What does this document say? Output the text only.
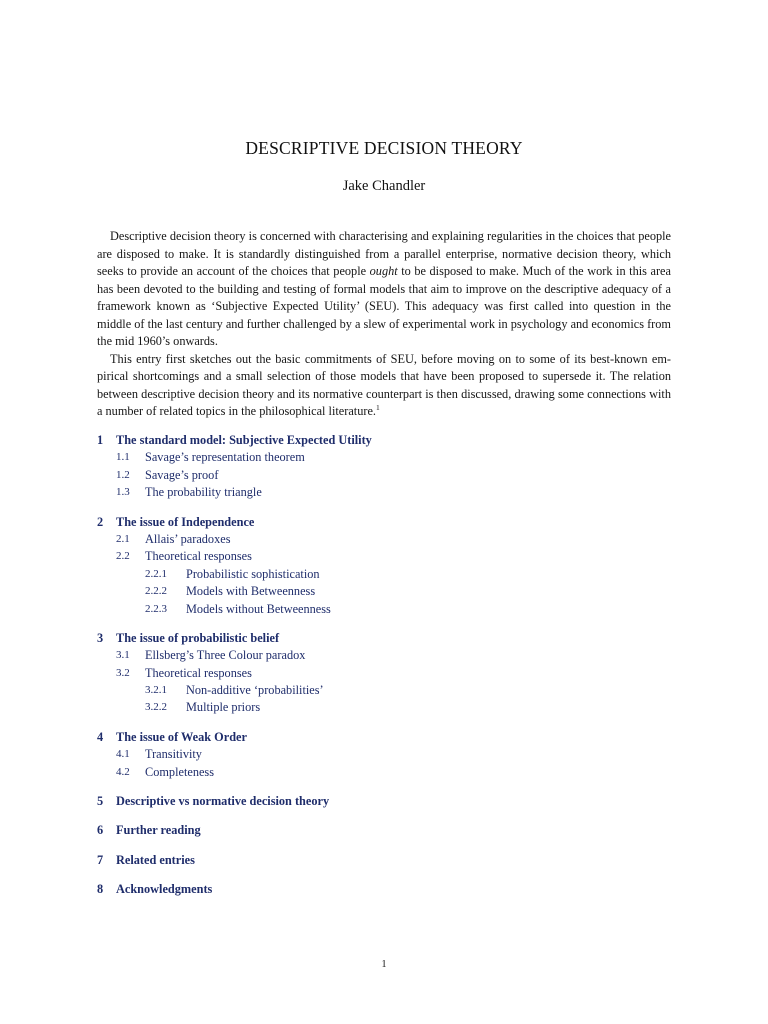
DESCRIPTIVE DECISION THEORY
Jake Chandler

Descriptive decision theory is concerned with characterising and explaining regularities in the choices that people are disposed to make. It is standardly distinguished from a parallel enterprise, normative decision theory, which seeks to provide an account of the choices that people ought to be disposed to make. Much of the work in this area has been devoted to the building and testing of formal models that aim to improve on the descriptive adequacy of a framework known as ‘Subjective Expected Utility’ (SEU). This adequacy was first called into question in the middle of the last century and further challenged by a slew of experimental work in psychology and economics from the mid 1960’s onwards.

This entry first sketches out the basic commitments of SEU, before moving on to some of its best-known empirical shortcomings and a small selection of those models that have been proposed to supersede it. The relation between descriptive decision theory and its normative counterpart is then discussed, drawing some connections with a number of related topics in the philosophical literature.$^1$

1 The standard model: Subjective Expected Utility
1.1 Savage’s representation theorem
1.2 Savage’s proof
1.3 The probability triangle
2 The issue of Independence
2.1 Allais’ paradoxes
2.2 Theoretical responses
2.2.1 Probabilistic sophistication
2.2.2 Models with Betweenness
2.2.3 Models without Betweenness
3 The issue of probabilistic belief
3.1 Ellsberg’s Three Colour paradox
3.2 Theoretical responses
3.2.1 Non-additive ‘probabilities’
3.2.2 Multiple priors
4 The issue of Weak Order
4.1 Transitivity
4.2 Completeness
5 Descriptive vs normative decision theory
6 Further reading
7 Related entries
8 Acknowledgments
1
